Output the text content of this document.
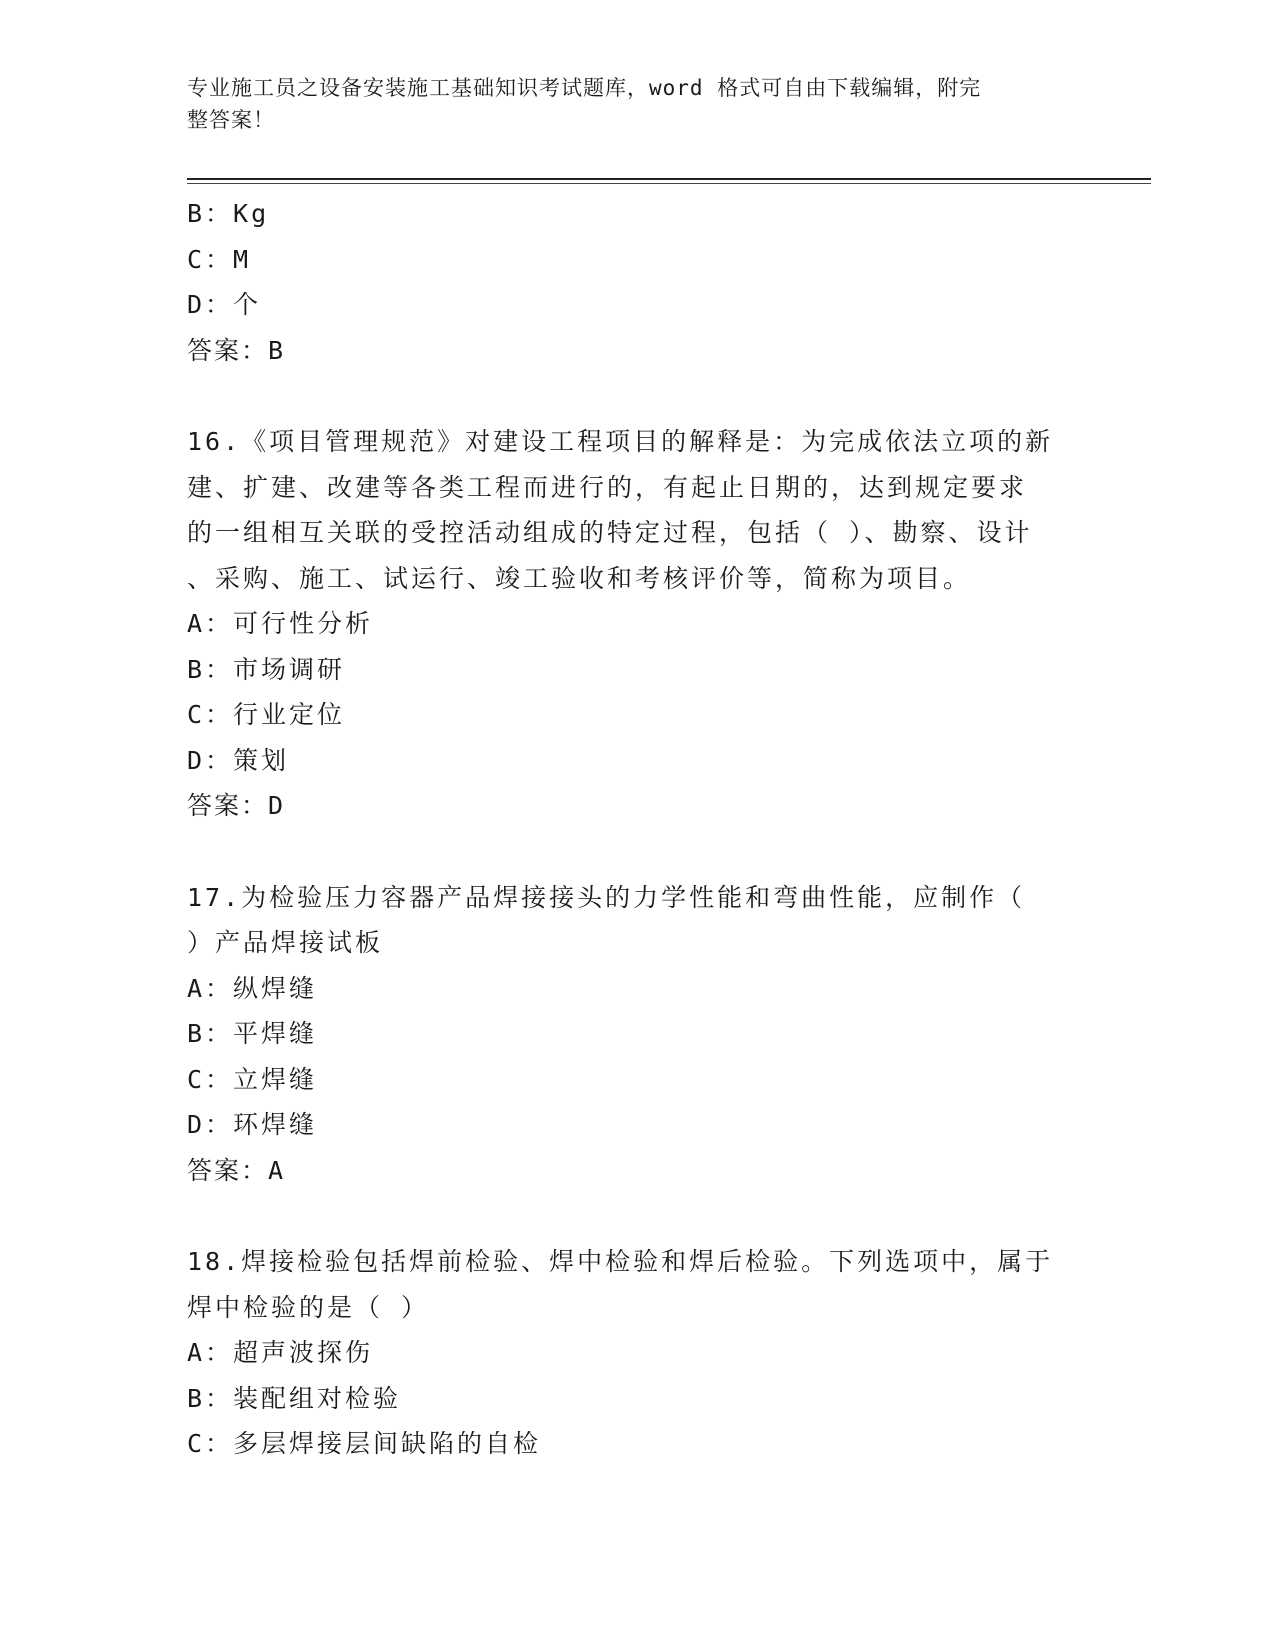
专业施工员之设备安装施工基础知识考试题库，word 格式可自由下载编辑，附完
整答案！
B：Kg
C：M
D：个
答案：B
16.《项目管理规范》对建设工程项目的解释是：为完成依法立项的新
建、扩建、改建等各类工程而进行的，有起止日期的，达到规定要求
的一组相互关联的受控活动组成的特定过程，包括（ ）、勘察、设计
、采购、施工、试运行、竣工验收和考核评价等，简称为项目。
A：可行性分析
B：市场调研
C：行业定位
D：策划
答案：D
17.为检验压力容器产品焊接接头的力学性能和弯曲性能，应制作（
）产品焊接试板
A：纵焊缝
B：平焊缝
C：立焊缝
D：环焊缝
答案：A
18.焊接检验包括焊前检验、焊中检验和焊后检验。下列选项中，属于
焊中检验的是（ ）
A：超声波探伤
B：装配组对检验
C：多层焊接层间缺陷的自检
